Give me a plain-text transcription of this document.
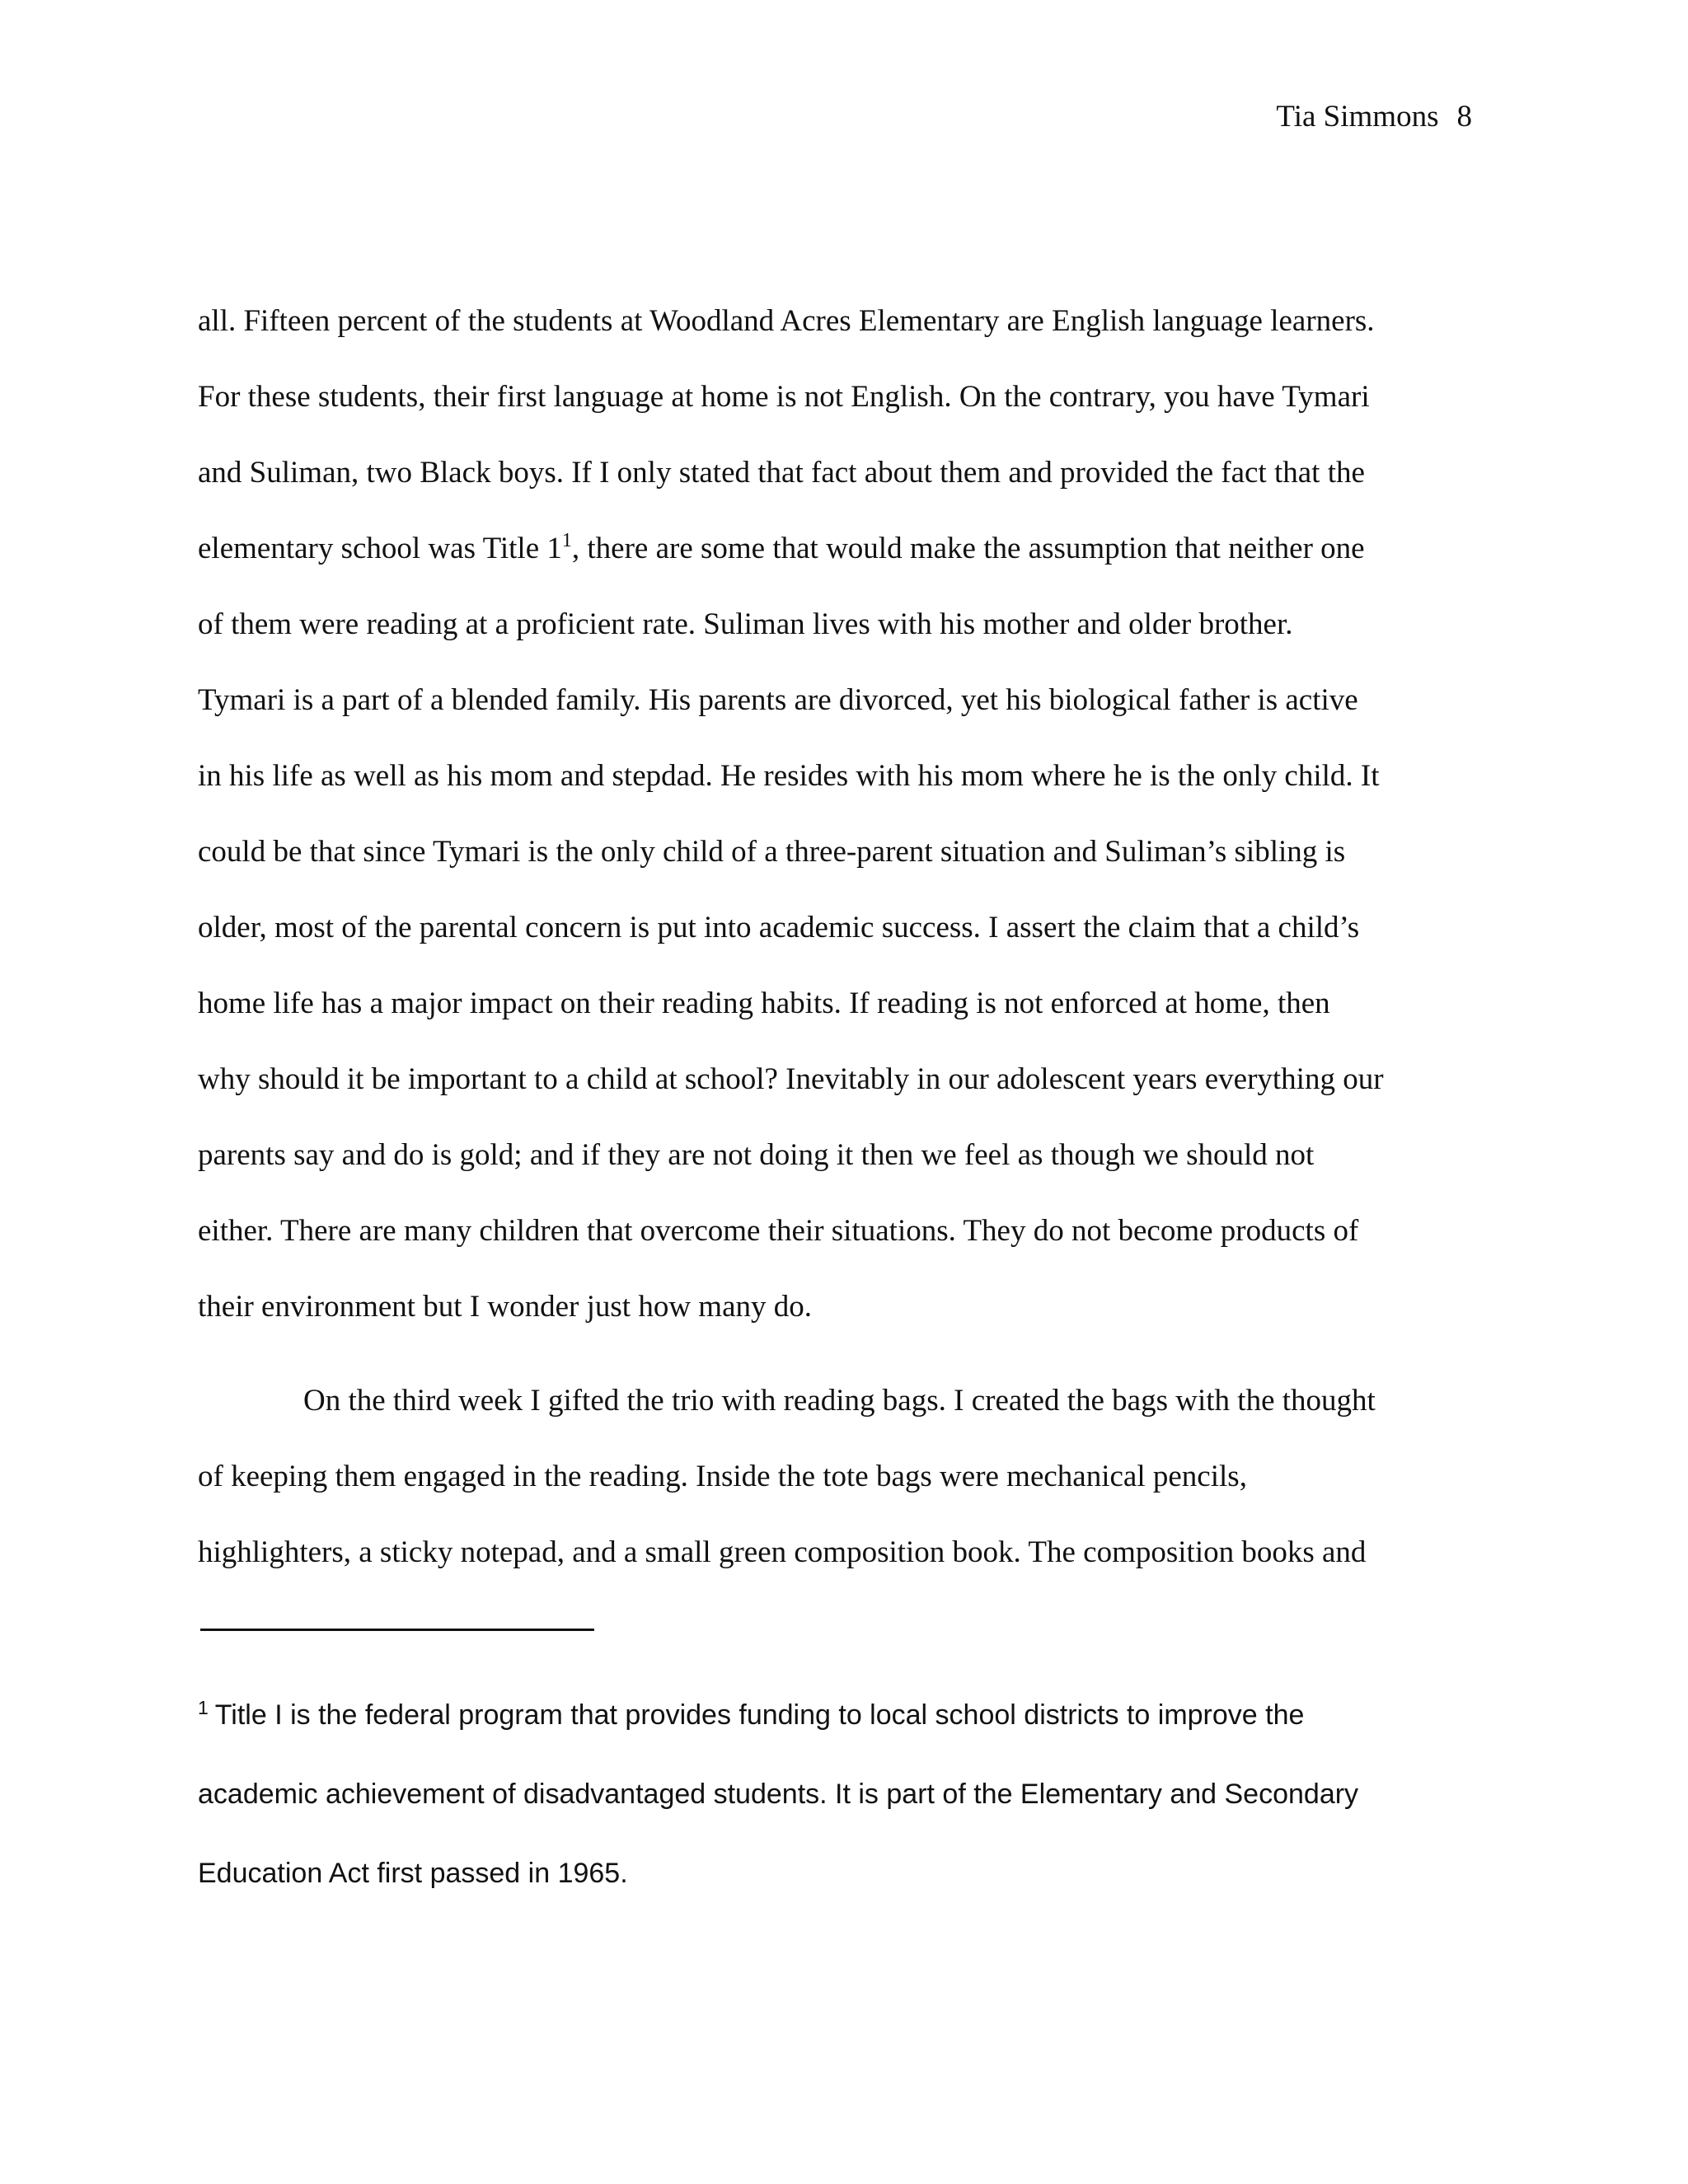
Tia Simmons 8
all. Fifteen percent of the students at Woodland Acres Elementary are English language learners.
For these students, their first language at home is not English. On the contrary, you have Tymari
and Suliman, two Black boys. If I only stated that fact about them and provided the fact that the
elementary school was Title 1$^1$, there are some that would make the assumption that neither one
of them were reading at a proficient rate. Suliman lives with his mother and older brother.
Tymari is a part of a blended family. His parents are divorced, yet his biological father is active
in his life as well as his mom and stepdad. He resides with his mom where he is the only child. It
could be that since Tymari is the only child of a three-parent situation and Suliman’s sibling is
older, most of the parental concern is put into academic success. I assert the claim that a child’s
home life has a major impact on their reading habits. If reading is not enforced at home, then
why should it be important to a child at school? Inevitably in our adolescent years everything our
parents say and do is gold; and if they are not doing it then we feel as though we should not
either. There are many children that overcome their situations. They do not become products of
their environment but I wonder just how many do.
On the third week I gifted the trio with reading bags. I created the bags with the thought
of keeping them engaged in the reading. Inside the tote bags were mechanical pencils,
highlighters, a sticky notepad, and a small green composition book. The composition books and
$^1$ Title I is the federal program that provides funding to local school districts to improve the
academic achievement of disadvantaged students. It is part of the Elementary and Secondary
Education Act first passed in 1965.
